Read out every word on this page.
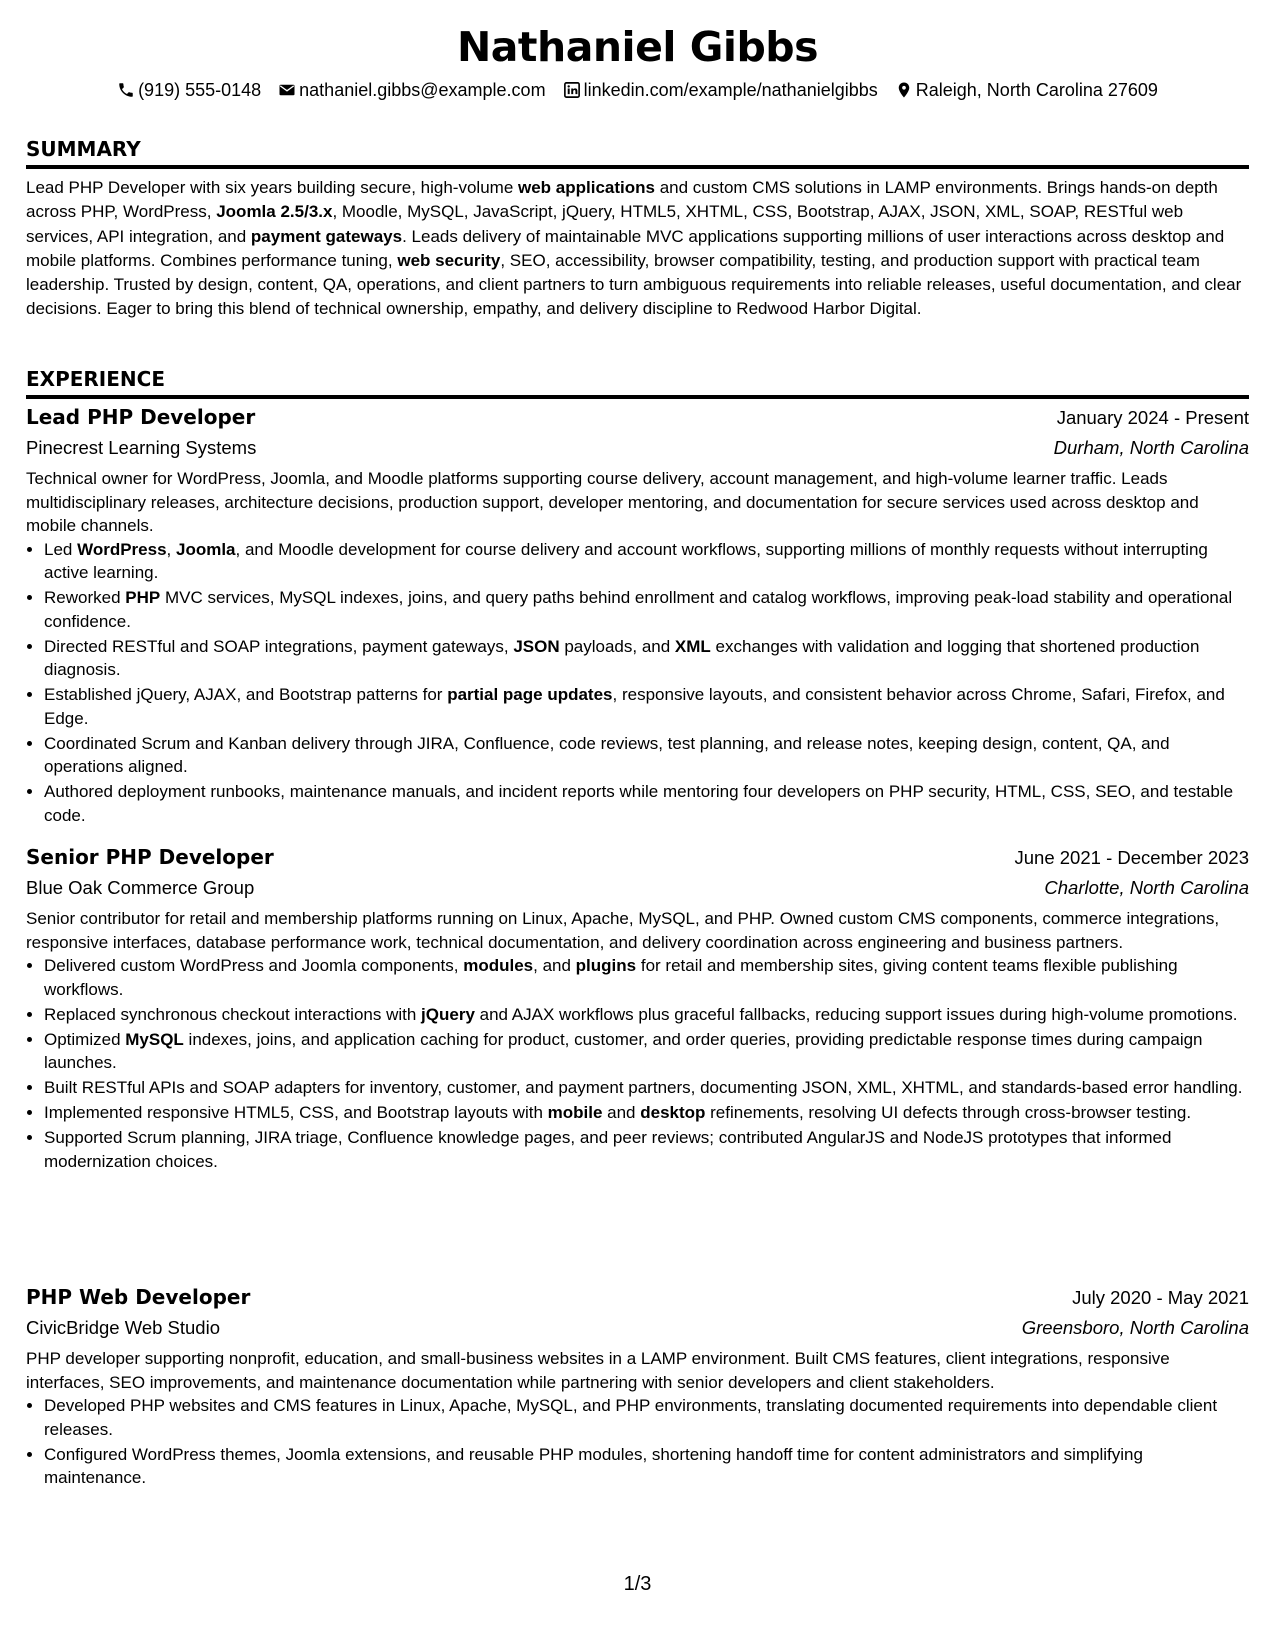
Nathaniel Gibbs
(919) 555-0148 nathaniel.gibbs@example.com linkedin.com/example/nathanielgibbs Raleigh, North Carolina 27609
SUMMARY
Lead PHP Developer with six years building secure, high-volume web applications and custom CMS solutions in LAMP environments. Brings hands-on depth across PHP, WordPress, Joomla 2.5/3.x, Moodle, MySQL, JavaScript, jQuery, HTML5, XHTML, CSS, Bootstrap, AJAX, JSON, XML, SOAP, RESTful web services, API integration, and payment gateways. Leads delivery of maintainable MVC applications supporting millions of user interactions across desktop and mobile platforms. Combines performance tuning, web security, SEO, accessibility, browser compatibility, testing, and production support with practical team leadership. Trusted by design, content, QA, operations, and client partners to turn ambiguous requirements into reliable releases, useful documentation, and clear decisions. Eager to bring this blend of technical ownership, empathy, and delivery discipline to Redwood Harbor Digital.
EXPERIENCE
Lead PHP Developer	January 2024 - Present
Pinecrest Learning Systems	Durham, North Carolina
Technical owner for WordPress, Joomla, and Moodle platforms supporting course delivery, account management, and high-volume learner traffic. Leads multidisciplinary releases, architecture decisions, production support, developer mentoring, and documentation for secure services used across desktop and mobile channels.
• Led WordPress, Joomla, and Moodle development for course delivery and account workflows, supporting millions of monthly requests without interrupting active learning.
• Reworked PHP MVC services, MySQL indexes, joins, and query paths behind enrollment and catalog workflows, improving peak-load stability and operational confidence.
• Directed RESTful and SOAP integrations, payment gateways, JSON payloads, and XML exchanges with validation and logging that shortened production diagnosis.
• Established jQuery, AJAX, and Bootstrap patterns for partial page updates, responsive layouts, and consistent behavior across Chrome, Safari, Firefox, and Edge.
• Coordinated Scrum and Kanban delivery through JIRA, Confluence, code reviews, test planning, and release notes, keeping design, content, QA, and operations aligned.
• Authored deployment runbooks, maintenance manuals, and incident reports while mentoring four developers on PHP security, HTML, CSS, SEO, and testable code.
Senior PHP Developer	June 2021 - December 2023
Blue Oak Commerce Group	Charlotte, North Carolina
Senior contributor for retail and membership platforms running on Linux, Apache, MySQL, and PHP. Owned custom CMS components, commerce integrations, responsive interfaces, database performance work, technical documentation, and delivery coordination across engineering and business partners.
• Delivered custom WordPress and Joomla components, modules, and plugins for retail and membership sites, giving content teams flexible publishing workflows.
• Replaced synchronous checkout interactions with jQuery and AJAX workflows plus graceful fallbacks, reducing support issues during high-volume promotions.
• Optimized MySQL indexes, joins, and application caching for product, customer, and order queries, providing predictable response times during campaign launches.
• Built RESTful APIs and SOAP adapters for inventory, customer, and payment partners, documenting JSON, XML, XHTML, and standards-based error handling.
• Implemented responsive HTML5, CSS, and Bootstrap layouts with mobile and desktop refinements, resolving UI defects through cross-browser testing.
• Supported Scrum planning, JIRA triage, Confluence knowledge pages, and peer reviews; contributed AngularJS and NodeJS prototypes that informed modernization choices.
PHP Web Developer	July 2020 - May 2021
CivicBridge Web Studio	Greensboro, North Carolina
PHP developer supporting nonprofit, education, and small-business websites in a LAMP environment. Built CMS features, client integrations, responsive interfaces, SEO improvements, and maintenance documentation while partnering with senior developers and client stakeholders.
• Developed PHP websites and CMS features in Linux, Apache, MySQL, and PHP environments, translating documented requirements into dependable client releases.
• Configured WordPress themes, Joomla extensions, and reusable PHP modules, shortening handoff time for content administrators and simplifying maintenance.
1/3
